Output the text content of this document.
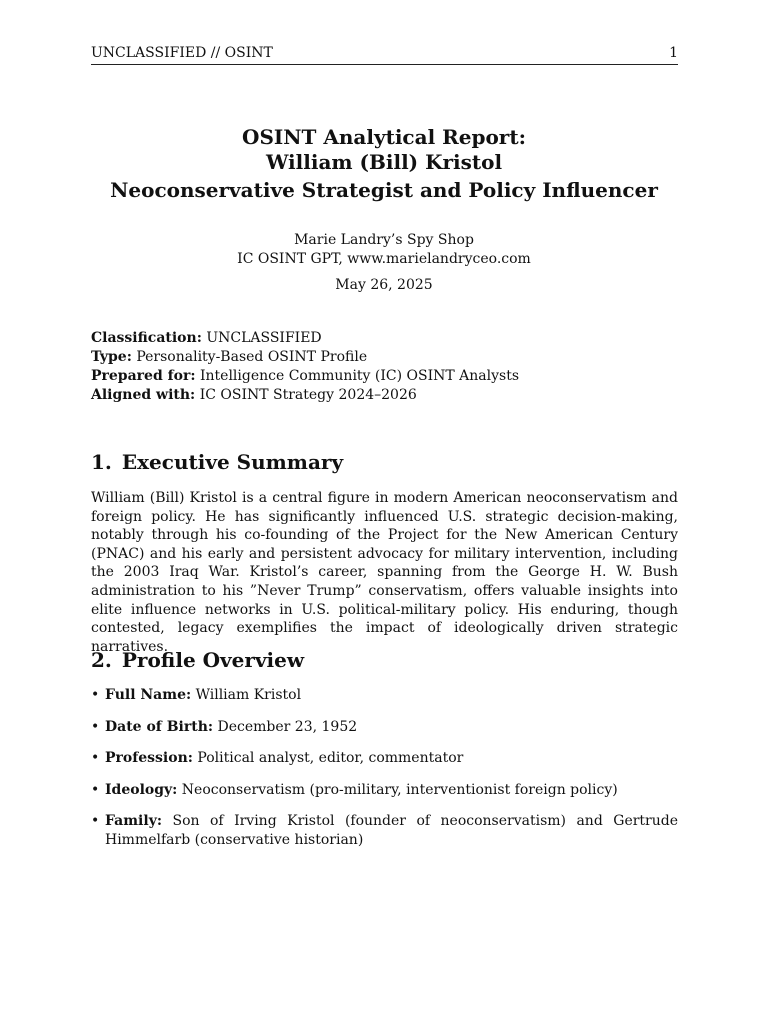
UNCLASSIFIED // OSINT	1
OSINT Analytical Report:
William (Bill) Kristol
Neoconservative Strategist and Policy Influencer
Marie Landry’s Spy Shop
IC OSINT GPT, www.marielandryceo.com
May 26, 2025
Classification: UNCLASSIFIED
Type: Personality-Based OSINT Profile
Prepared for: Intelligence Community (IC) OSINT Analysts
Aligned with: IC OSINT Strategy 2024–2026
1. Executive Summary

William (Bill) Kristol is a central figure in modern American neoconservatism and foreign policy. He has significantly influenced U.S. strategic decision-making, notably through his co-founding of the Project for the New American Century (PNAC) and his early and persistent advocacy for military intervention, including the 2003 Iraq War. Kristol’s career, spanning from the George H. W. Bush administration to his ”Never Trump” conservatism, offers valuable insights into elite influence networks in U.S. political-military policy. His enduring, though contested, legacy exemplifies the impact of ideologically driven strategic narratives.

2. Profile Overview
• Full Name: William Kristol
• Date of Birth: December 23, 1952
• Profession: Political analyst, editor, commentator
• Ideology: Neoconservatism (pro-military, interventionist foreign policy)
• Family: Son of Irving Kristol (founder of neoconservatism) and Gertrude Himmelfarb (conservative historian)
